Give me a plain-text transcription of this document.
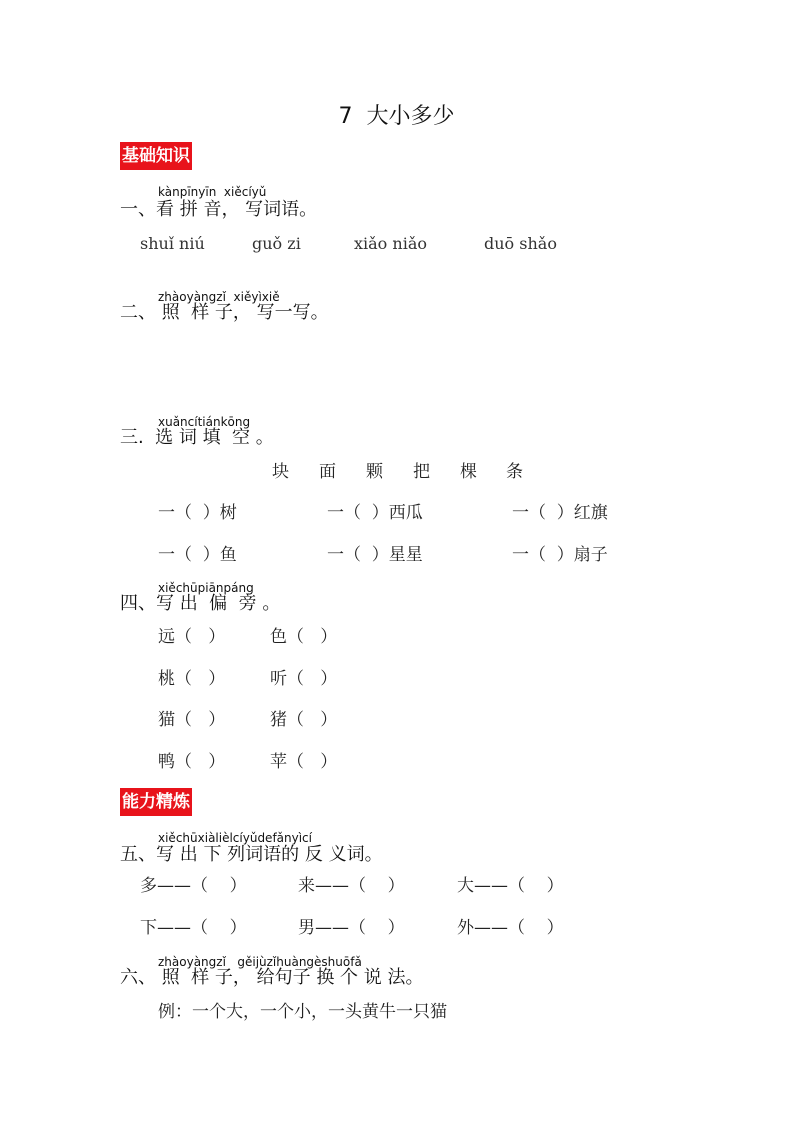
7  大小多少
基础知识
kànpīnyīn  xiěcíyǔ
一、看 拼 音， 写词语。
shuǐ niú	guǒ zi	xiǎo niǎo	duō shǎo
zhàoyàngzǐ  xiěyìxiě
二、 照  样 子， 写一写。
xuǎncítiánkōng
三.  选 词 填  空 。
块 面 颗 把 棵 条
一（  ）树	一（  ）西瓜	一（  ）红旗
一（  ）鱼	一（  ）星星	一（  ）扇子
xiěchūpiānpáng
四、写 出  偏  旁 。
远（   ）	色（   ）
桃（   ）	听（   ）
猫（   ）	猪（   ）
鸭（   ）	苹（   ）
能力精炼
xiěchūxiàlièlcíyǔdefǎnyìcí
五、写 出 下 列词语的 反 义词。
多——（    ）	来——（    ）	大——（    ）
下——（    ）	男——（    ）	外——（    ）
zhàoyàngzǐ   gěijùzǐhuàngèshuōfǎ
六、 照  样 子， 给句子 换 个 说 法。
例：一个大，一个小，一头黄牛一只猫
